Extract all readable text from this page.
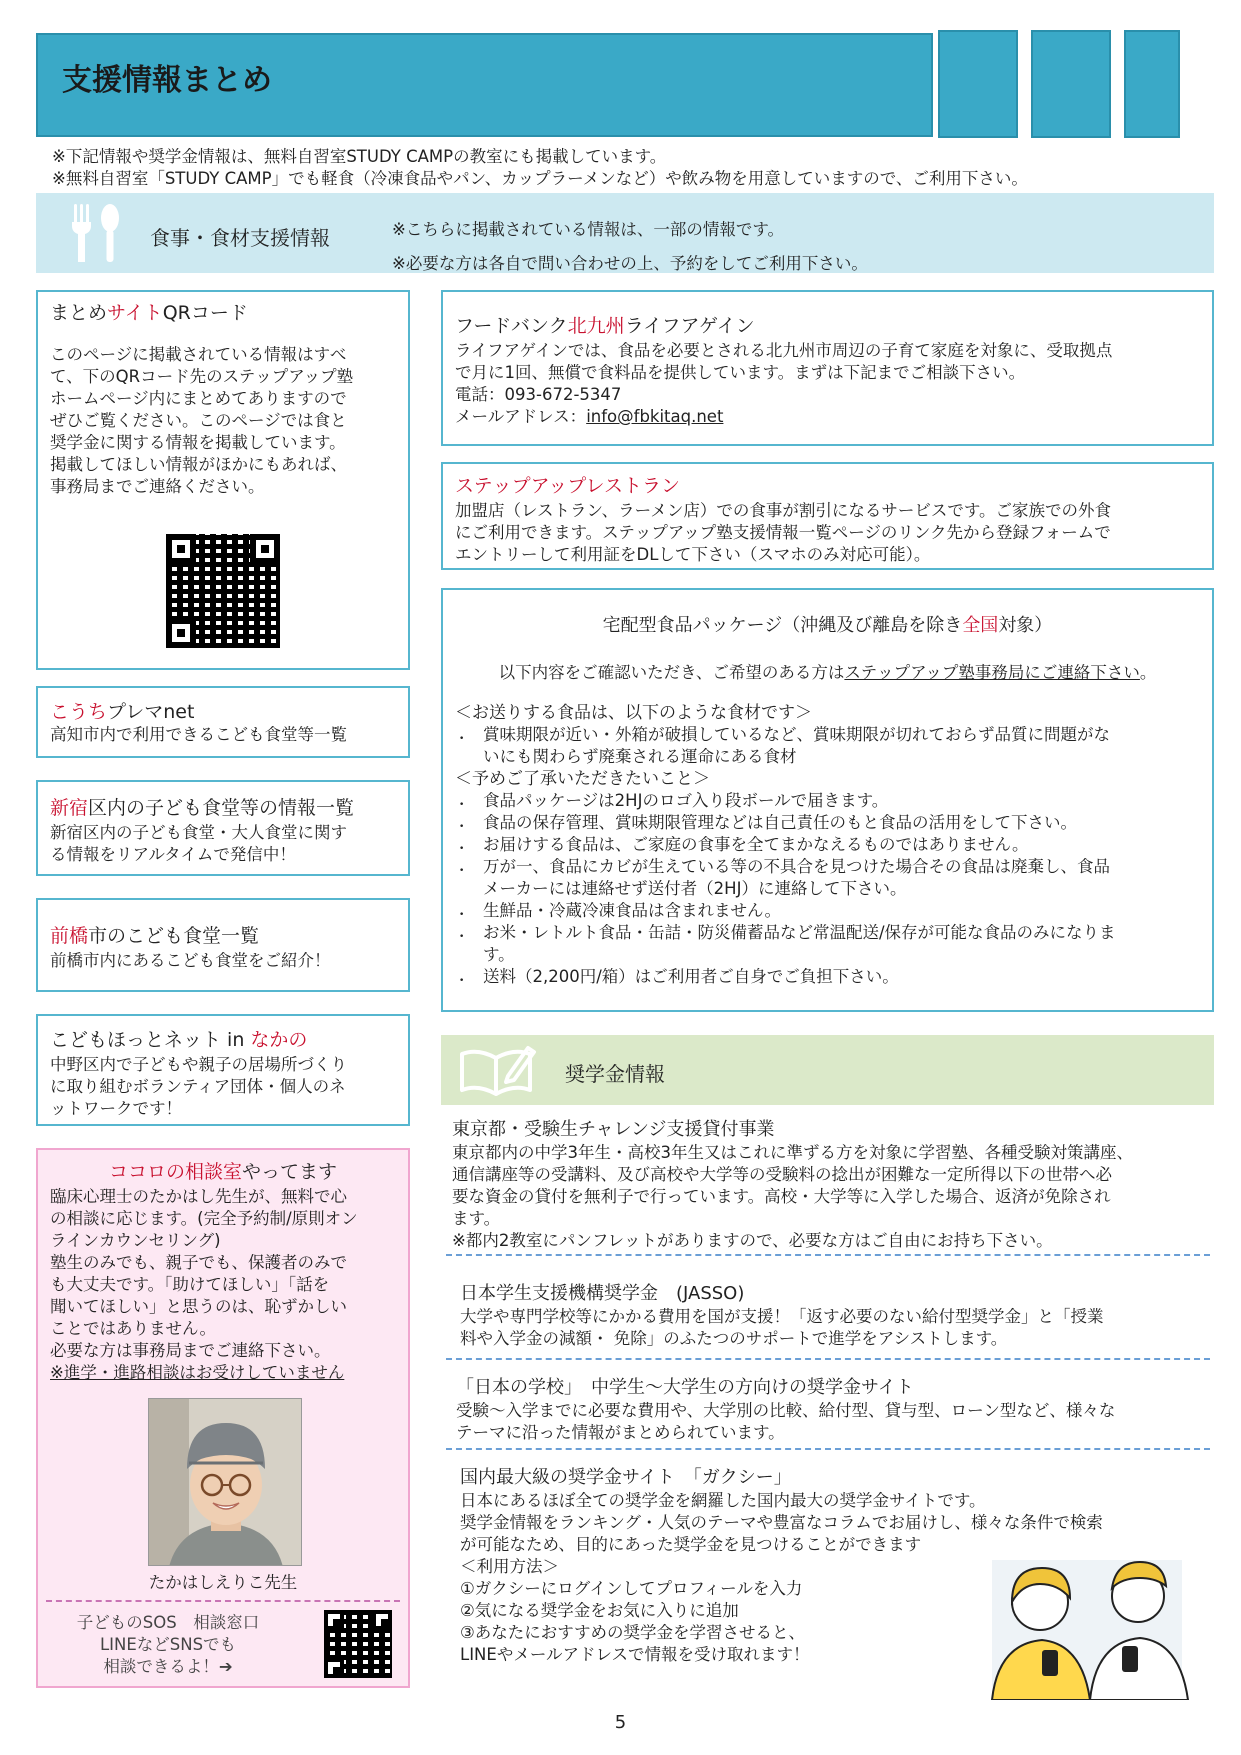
支援情報まとめ
※下記情報や奨学金情報は、無料自習室STUDY CAMPの教室にも掲載しています。
※無料自習室「STUDY CAMP」でも軽食（冷凍食品やパン、カップラーメンなど）や飲み物を用意していますので、ご利用下さい。
食事・食材支援情報	※こちらに掲載されている情報は、一部の情報です。
※必要な方は各自で問い合わせの上、予約をしてご利用下さい。
まとめサイトQRコード
このページに掲載されている情報はすべ
て、下のQRコード先のステップアップ塾
ホームページ内にまとめてありますので
ぜひご覧ください。このページでは食と
奨学金に関する情報を掲載しています。
掲載してほしい情報がほかにもあれば、
事務局までご連絡ください。
こうちプレマnet
高知市内で利用できるこども食堂等一覧
新宿区内の子ども食堂等の情報一覧
新宿区内の子ども食堂・大人食堂に関す
る情報をリアルタイムで発信中！
前橋市のこども食堂一覧
前橋市内にあるこども食堂をご紹介！
こどもほっとネット in なかの
中野区内で子どもや親子の居場所づくり
に取り組むボランティア団体・個人のネ
ットワークです！
ココロの相談室やってます
臨床心理士のたかはし先生が、無料で心
の相談に応じます。(完全予約制/原則オン
ラインカウンセリング)
塾生のみでも、親子でも、保護者のみで
も大丈夫です。「助けてほしい」「話を
聞いてほしい」と思うのは、恥ずかしい
ことではありません。
必要な方は事務局までご連絡下さい。
※進学・進路相談はお受けしていません
たかはしえりこ先生
子どものSOS　相談窓口
LINEなどSNSでも
相談できるよ！➔
フードバンク北九州ライフアゲイン
ライフアゲインでは、食品を必要とされる北九州市周辺の子育て家庭を対象に、受取拠点
で月に1回、無償で食料品を提供しています。まずは下記までご相談下さい。
電話：093-672-5347
メールアドレス：info@fbkitaq.net
ステップアップレストラン
加盟店（レストラン、ラーメン店）での食事が割引になるサービスです。ご家族での外食
にご利用できます。ステップアップ塾支援情報一覧ページのリンク先から登録フォームで
エントリーして利用証をDLして下さい（スマホのみ対応可能）。
宅配型食品パッケージ（沖縄及び離島を除き全国対象）
以下内容をご確認いただき、ご希望のある方はステップアップ塾事務局にご連絡下さい。
＜お送りする食品は、以下のような食材です＞
• 賞味期限が近い・外箱が破損しているなど、賞味期限が切れておらず品質に問題がな
いにも関わらず廃棄される運命にある食材
＜予めご了承いただきたいこと＞
• 食品パッケージは2HJのロゴ入り段ボールで届きます。
• 食品の保存管理、賞味期限管理などは自己責任のもと食品の活用をして下さい。
• お届けする食品は、ご家庭の食事を全てまかなえるものではありません。
• 万が一、食品にカビが生えている等の不具合を見つけた場合その食品は廃棄し、食品
メーカーには連絡せず送付者（2HJ）に連絡して下さい。
• 生鮮品・冷蔵冷凍食品は含まれません。
• お米・レトルト食品・缶詰・防災備蓄品など常温配送/保存が可能な食品のみになりま
す。
• 送料（2,200円/箱）はご利用者ご自身でご負担下さい。
奨学金情報
東京都・受験生チャレンジ支援貸付事業
東京都内の中学3年生・高校3年生又はこれに準ずる方を対象に学習塾、各種受験対策講座、
通信講座等の受講料、及び高校や大学等の受験料の捻出が困難な一定所得以下の世帯へ必
要な資金の貸付を無利子で行っています。高校・大学等に入学した場合、返済が免除され
ます。
※都内2教室にパンフレットがありますので、必要な方はご自由にお持ち下さい。
日本学生支援機構奨学金　(JASSO)
大学や専門学校等にかかる費用を国が支援！「返す必要のない給付型奨学金」と「授業
料や入学金の減額・ 免除」のふたつのサポートで進学をアシストします。
「日本の学校」　中学生～大学生の方向けの奨学金サイト
受験～入学までに必要な費用や、大学別の比較、給付型、貸与型、ローン型など、様々な
テーマに沿った情報がまとめられています。
国内最大級の奨学金サイト　「ガクシー」
日本にあるほぼ全ての奨学金を網羅した国内最大の奨学金サイトです。
奨学金情報をランキング・人気のテーマや豊富なコラムでお届けし、様々な条件で検索
が可能なため、目的にあった奨学金を見つけることができます
＜利用方法＞
①ガクシーにログインしてプロフィールを入力
②気になる奨学金をお気に入りに追加
③あなたにおすすめの奨学金を学習させると、
LINEやメールアドレスで情報を受け取れます！
5
